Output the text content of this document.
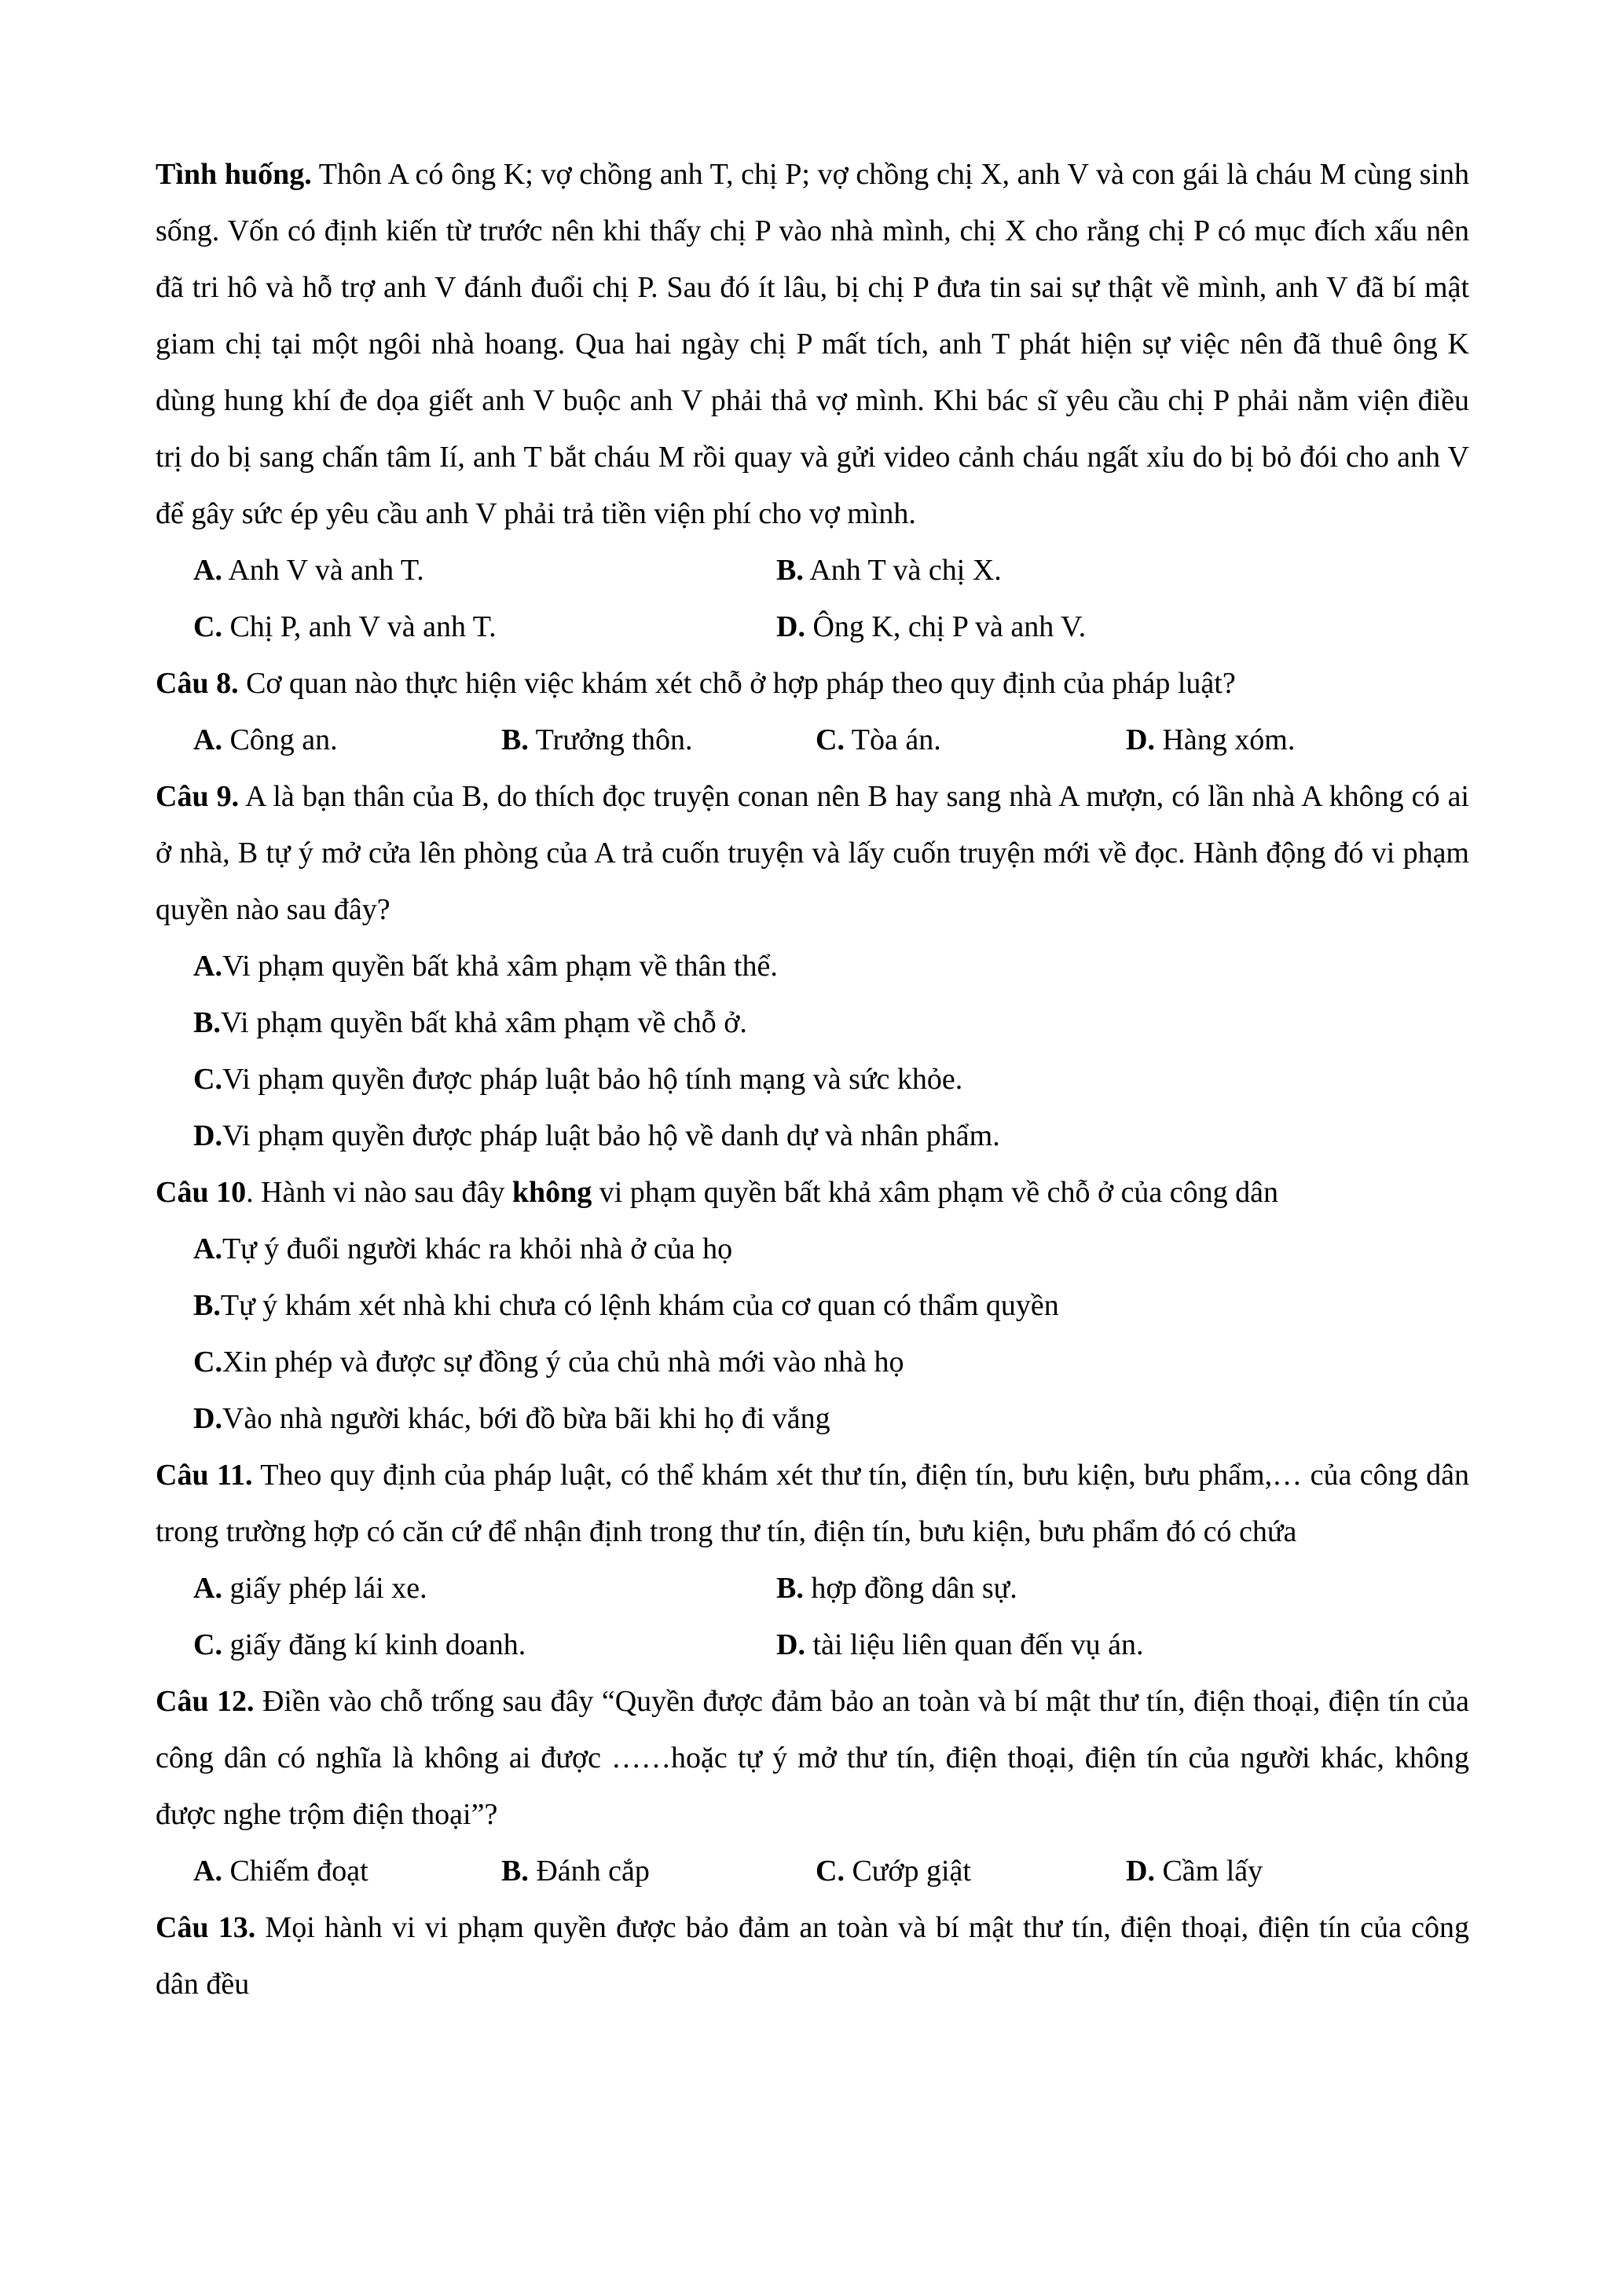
Tình huống. Thôn A có ông K; vợ chồng anh T, chị P; vợ chồng chị X, anh V và con gái là cháu M cùng sinh sống. Vốn có định kiến từ trước nên khi thấy chị P vào nhà mình, chị X cho rằng chị P có mục đích xấu nên đã tri hô và hỗ trợ anh V đánh đuổi chị P. Sau đó ít lâu, bị chị P đưa tin sai sự thật về mình, anh V đã bí mật giam chị tại một ngôi nhà hoang. Qua hai ngày chị P mất tích, anh T phát hiện sự việc nên đã thuê ông K dùng hung khí đe dọa giết anh V buộc anh V phải thả vợ mình. Khi bác sĩ yêu cầu chị P phải nằm viện điều trị do bị sang chấn tâm Ií, anh T bắt cháu M rồi quay và gửi video cảnh cháu ngất xỉu do bị bỏ đói cho anh V để gây sức ép yêu cầu anh V phải trả tiền viện phí cho vợ mình.

A. Anh V và anh T.	B. Anh T và chị X.
C. Chị P, anh V và anh T.	D. Ông K, chị P và anh V.

Câu 8. Cơ quan nào thực hiện việc khám xét chỗ ở hợp pháp theo quy định của pháp luật?

A. Công an.	B. Trưởng thôn.	C. Tòa án.	D. Hàng xóm.

Câu 9. A là bạn thân của B, do thích đọc truyện conan nên B hay sang nhà A mượn, có lần nhà A không có ai ở nhà, B tự ý mở cửa lên phòng của A trả cuốn truyện và lấy cuốn truyện mới về đọc. Hành động đó vi phạm quyền nào sau đây?

A. Vi phạm quyền bất khả xâm phạm về thân thể.
B. Vi phạm quyền bất khả xâm phạm về chỗ ở.
C. Vi phạm quyền được pháp luật bảo hộ tính mạng và sức khỏe.
D. Vi phạm quyền được pháp luật bảo hộ về danh dự và nhân phẩm.

Câu 10. Hành vi nào sau đây không vi phạm quyền bất khả xâm phạm về chỗ ở của công dân

A. Tự ý đuổi người khác ra khỏi nhà ở của họ
B. Tự ý khám xét nhà khi chưa có lệnh khám của cơ quan có thẩm quyền
C. Xin phép và được sự đồng ý của chủ nhà mới vào nhà họ
D. Vào nhà người khác, bới đồ bừa bãi khi họ đi vắng

Câu 11. Theo quy định của pháp luật, có thể khám xét thư tín, điện tín, bưu kiện, bưu phẩm,… của công dân trong trường hợp có căn cứ để nhận định trong thư tín, điện tín, bưu kiện, bưu phẩm đó có chứa

A. giấy phép lái xe.	B. hợp đồng dân sự.
C. giấy đăng kí kinh doanh.	D. tài liệu liên quan đến vụ án.

Câu 12. Điền vào chỗ trống sau đây “Quyền được đảm bảo an toàn và bí mật thư tín, điện thoại, điện tín của công dân có nghĩa là không ai được ……hoặc tự ý mở thư tín, điện thoại, điện tín của người khác, không được nghe trộm điện thoại”?

A. Chiếm đoạt	B. Đánh cắp	C. Cướp giật	D. Cầm lấy

Câu 13. Mọi hành vi vi phạm quyền được bảo đảm an toàn và bí mật thư tín, điện thoại, điện tín của công dân đều
